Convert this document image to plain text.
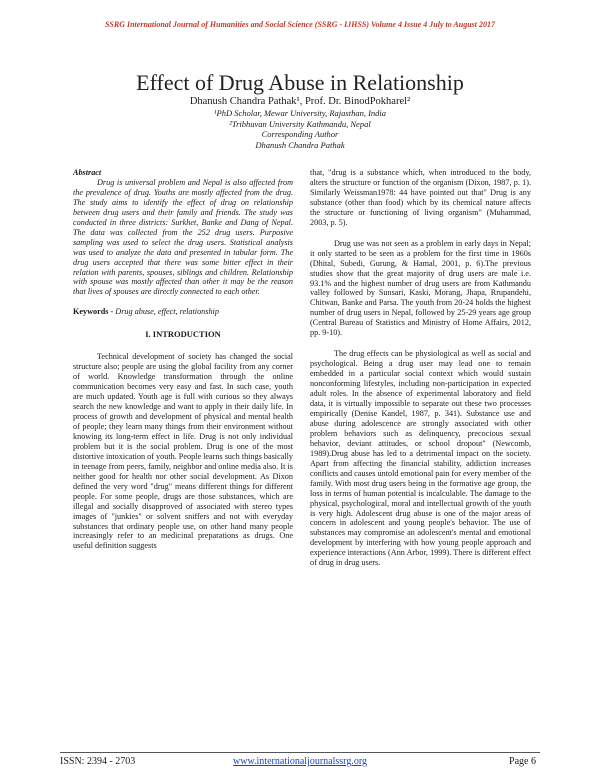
SSRG International Journal of Humanities and Social Science (SSRG - IJHSS) Volume 4 Issue 4 July to August 2017
Effect of Drug Abuse in Relationship
Dhanush Chandra Pathak¹, Prof. Dr. BinodPokharel²
¹PhD Scholar, Mewar University, Rajasthan, India
²Tribhuvan University Kathmandu, Nepal
Corresponding Author
Dhanush Chandra Pathak
Abstract

Drug is universal problem and Nepal is also affected from the prevalence of drug. Youths are mostly affected from the drug. The study aims to identify the effect of drug on relationship between drug users and their family and friends. The study was conducted in three districts: Surkhet, Banke and Dang of Nepal. The data was collected from the 252 drug users. Purposive sampling was used to select the drug users. Statistical analysis was used to analyze the data and presented in tabular form. The drug users accepted that there was some bitter effect in their relation with parents, spouses, siblings and children. Relationship with spouse was mostly affected than other it may be the reason that lives of spouses are directly connected to each other.

Keywords - Drug abuse, effect, relationship

I. INTRODUCTION

Technical development of society has changed the social structure also; people are using the global facility from any corner of world. Knowledge transformation through the online communication becomes very easy and fast. In such case, youth are much updated. Youth age is full with curious so they always search the new knowledge and want to apply in their daily life. In process of growth and development of physical and mental health of people; they learn many things from their environment without knowing its long-term effect in life. Drug is not only individual problem but it is the social problem. Drug is one of the most distortive intoxication of youth. People learns such things basically in teenage from peers, family, neighbor and online media also. It is neither good for health nor other social development. As Dixon defined the very word "drug" means different things for different people. For some people, drugs are those substances, which are illegal and socially disapproved of associated with stereo types images of "junkies" or solvent sniffers and not with everyday substances that ordinary people use, on other hand many people increasingly refer to an medicinal preparations as drugs. One useful definition suggests

that, "drug is a substance which, when introduced to the body, alters the structure or function of the organism (Dixon, 1987, p. 1). Similarly Weissman1978: 44 have pointed out that" Drug is any substance (other than food) which by its chemical nature affects the structure or functioning of living organism" (Muhammad, 2003, p. 5).

Drug use was not seen as a problem in early days in Nepal; it only started to be seen as a problem for the first time in 1960s (Dhital, Subedi, Gurung, & Hamal, 2001, p. 6).The previous studies show that the great majority of drug users are male i.e. 93.1% and the highest number of drug users are from Kathmandu valley followed by Sunsari, Kaski, Morang, Jhapa, Rrupandehi, Chitwan, Banke and Parsa. The youth from 20-24 holds the highest number of drug users in Nepal, followed by 25-29 years age group (Central Bureau of Statistics and Ministry of Home Affairs, 2012, pp. 9-10).

The drug effects can be physiological as well as social and psychological. Being a drug user may lead one to remain embedded in a particular social context which would sustain nonconforming lifestyles, including non-participation in expected adult roles. In the absence of experimental laboratory and field data, it is virtually impossible to separate out these two processes empirically (Denise Kandel, 1987, p. 341). Substance use and abuse during adolescence are strongly associated with other problem behaviors such as delinquency, precocious sexual behavior, deviant attitudes, or school dropout" (Newcomb, 1989).Drug abuse has led to a detrimental impact on the society. Apart from affecting the financial stability, addiction increases conflicts and causes untold emotional pain for every member of the family. With most drug users being in the formative age group, the loss in terms of human potential is incalculable. The damage to the physical, psychological, moral and intellectual growth of the youth is very high. Adolescent drug abuse is one of the major areas of concern in adolescent and young people's behavior. The use of substances may compromise an adolescent's mental and emotional development by interfering with how young people approach and experience interactions (Ann Arbor, 1999). There is different effect of drug in drug users.

ISSN: 2394 - 2703	www.internationaljournalssrg.org	Page 6
